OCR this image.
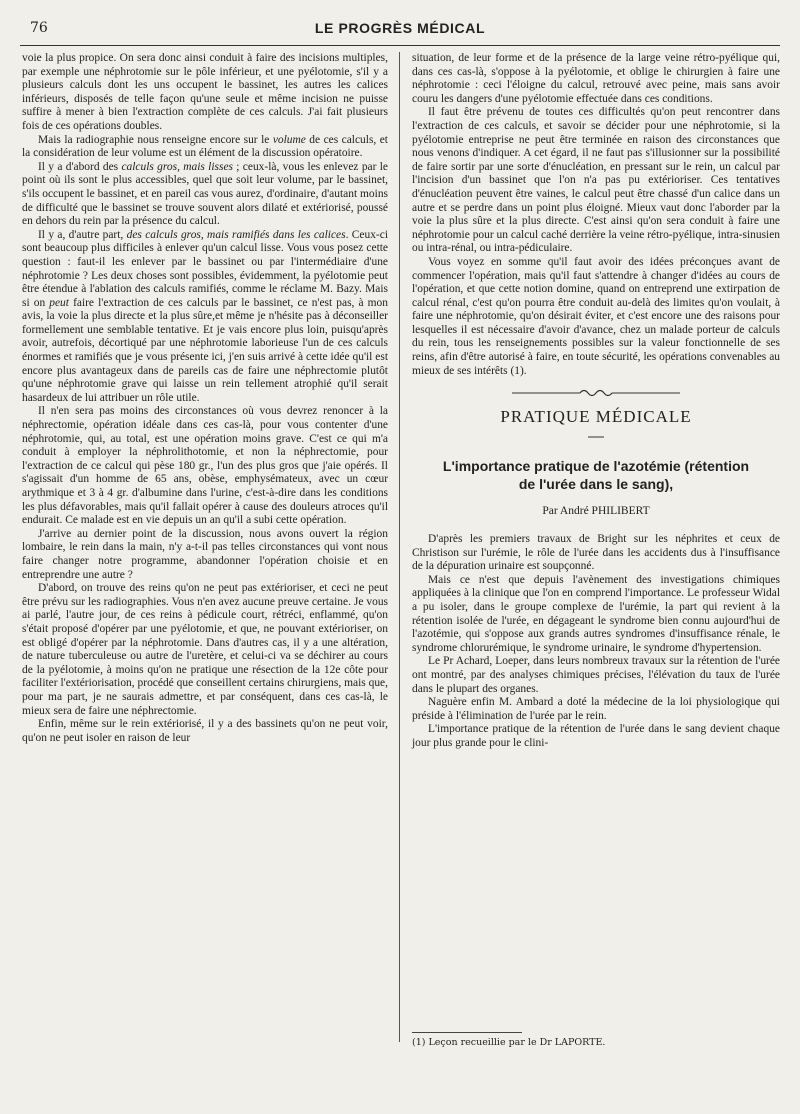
76	LE PROGRÈS MÉDICAL

voie la plus propice. On sera donc ainsi conduit à faire des incisions multiples, par exemple une néphrotomie sur le pôle inférieur, et une pyélotomie, s'il y a plusieurs calculs dont les uns occupent le bassinet, les autres les calices inférieurs, disposés de telle façon qu'une seule et même incision ne puisse suffire à mener à bien l'extraction complète de ces calculs. J'ai fait plusieurs fois de ces opérations doubles.

Mais la radiographie nous renseigne encore sur le volume de ces calculs, et la considération de leur volume est un élément de la discussion opératoire.

Il y a d'abord des calculs gros, mais lisses ; ceux-là, vous les enlevez par le point où ils sont le plus accessibles, quel que soit leur volume, par le bassinet, s'ils occupent le bassinet, et en pareil cas vous aurez, d'ordinaire, d'autant moins de difficulté que le bassinet se trouve souvent alors dilaté et extériorisé, poussé en dehors du rein par la présence du calcul.

Il y a, d'autre part, des calculs gros, mais ramifiés dans les calices. Ceux-ci sont beaucoup plus difficiles à enlever qu'un calcul lisse. Vous vous posez cette question : faut-il les enlever par le bassinet ou par l'intermédiaire d'une néphrotomie ? Les deux choses sont possibles, évidemment, la pyélotomie peut être étendue à l'ablation des calculs ramifiés, comme le réclame M. Bazy. Mais si on peut faire l'extraction de ces calculs par le bassinet, ce n'est pas, à mon avis, la voie la plus directe et la plus sûre,et même je n'hésite pas à déconseiller formellement une semblable tentative. Et je vais encore plus loin, puisqu'après avoir, autrefois, décortiqué par une néphrotomie laborieuse l'un de ces calculs énormes et ramifiés que je vous présente ici, j'en suis arrivé à cette idée qu'il est encore plus avantageux dans de pareils cas de faire une néphrectomie plutôt qu'une néphrotomie grave qui laisse un rein tellement atrophié qu'il serait hasardeux de lui attribuer un rôle utile.

Il n'en sera pas moins des circonstances où vous devrez renoncer à la néphrectomie, opération idéale dans ces cas-là, pour vous contenter d'une néphrotomie, qui, au total, est une opération moins grave. C'est ce qui m'a conduit à employer la néphrolithotomie, et non la néphrectomie, pour l'extraction de ce calcul qui pèse 180 gr., l'un des plus gros que j'aie opérés. Il s'agissait d'un homme de 65 ans, obèse, emphysémateux, avec un cœur arythmique et 3 à 4 gr. d'albumine dans l'urine, c'est-à-dire dans les conditions les plus défavorables, mais qu'il fallait opérer à cause des douleurs atroces qu'il endurait. Ce malade est en vie depuis un an qu'il a subi cette opération.

J'arrive au dernier point de la discussion, nous avons ouvert la région lombaire, le rein dans la main, n'y a-t-il pas telles circonstances qui vont nous faire changer notre programme, abandonner l'opération choisie et en entreprendre une autre ?

D'abord, on trouve des reins qu'on ne peut pas extérioriser, et ceci ne peut être prévu sur les radiographies. Vous n'en avez aucune preuve certaine. Je vous ai parlé, l'autre jour, de ces reins à pédicule court, rétréci, enflammé, qu'on s'était proposé d'opérer par une pyélotomie, et que, ne pouvant extérioriser, on est obligé d'opérer par la néphrotomie. Dans d'autres cas, il y a une altération, de nature tuberculeuse ou autre de l'uretère, et celui-ci va se déchirer au cours de la pyélotomie, à moins qu'on ne pratique une résection de la 12e côte pour faciliter l'extériorisation, procédé que conseillent certains chirurgiens, mais que, pour ma part, je ne saurais admettre, et par conséquent, dans ces cas-là, le mieux sera de faire une néphrectomie.

Enfin, même sur le rein extériorisé, il y a des bassinets qu'on ne peut voir, qu'on ne peut isoler en raison de leur

situation, de leur forme et de la présence de la large veine rétro-pyélique qui, dans ces cas-là, s'oppose à la pyélotomie, et oblige le chirurgien à faire une néphrotomie : ceci l'éloigne du calcul, retrouvé avec peine, mais sans avoir couru les dangers d'une pyélotomie effectuée dans ces conditions.

Il faut être prévenu de toutes ces difficultés qu'on peut rencontrer dans l'extraction de ces calculs, et savoir se décider pour une néphrotomie, si la pyélotomie entreprise ne peut être terminée en raison des circonstances que nous venons d'indiquer. A cet égard, il ne faut pas s'illusionner sur la possibilité de faire sortir par une sorte d'énucléation, en pressant sur le rein, un calcul par l'incision d'un bassinet que l'on n'a pas pu extérioriser. Ces tentatives d'énucléation peuvent être vaines, le calcul peut être chassé d'un calice dans un autre et se perdre dans un point plus éloigné. Mieux vaut donc l'aborder par la voie la plus sûre et la plus directe. C'est ainsi qu'on sera conduit à faire une néphrotomie pour un calcul caché derrière la veine rétro-pyélique, intra-sinusien ou intra-rénal, ou intra-pédiculaire.

Vous voyez en somme qu'il faut avoir des idées préconçues avant de commencer l'opération, mais qu'il faut s'attendre à changer d'idées au cours de l'opération, et que cette notion domine, quand on entreprend une extirpation de calcul rénal, c'est qu'on pourra être conduit au-delà des limites qu'on voulait, à faire une néphrotomie, qu'on désirait éviter, et c'est encore une des raisons pour lesquelles il est nécessaire d'avoir d'avance, chez un malade porteur de calculs du rein, tous les renseignements possibles sur la valeur fonctionnelle de ses reins, afin d'être autorisé à faire, en toute sécurité, les opérations convenables au mieux de ses intérêts (1).

PRATIQUE MÉDICALE
L'importance pratique de l'azotémie (rétention
de l'urée dans le sang),
Par André PHILIBERT

D'après les premiers travaux de Bright sur les néphrites et ceux de Christison sur l'urémie, le rôle de l'urée dans les accidents dus à l'insuffisance de la dépuration urinaire est soupçonné.

Mais ce n'est que depuis l'avènement des investigations chimiques appliquées à la clinique que l'on en comprend l'importance. Le professeur Widal a pu isoler, dans le groupe complexe de l'urémie, la part qui revient à la rétention isolée de l'urée, en dégageant le syndrome bien connu aujourd'hui de l'azotémie, qui s'oppose aux grands autres syndromes d'insuffisance rénale, le syndrome chlorurémique, le syndrome urinaire, le syndrome d'hypertension.

Le Pr Achard, Loeper, dans leurs nombreux travaux sur la rétention de l'urée ont montré, par des analyses chimiques précises, l'élévation du taux de l'urée dans le plupart des organes.

Naguère enfin M. Ambard a doté la médecine de la loi physiologique qui préside à l'élimination de l'urée par le rein.

L'importance pratique de la rétention de l'urée dans le sang devient chaque jour plus grande pour le clini-

(1) Leçon recueillie par le Dr LAPORTE.
